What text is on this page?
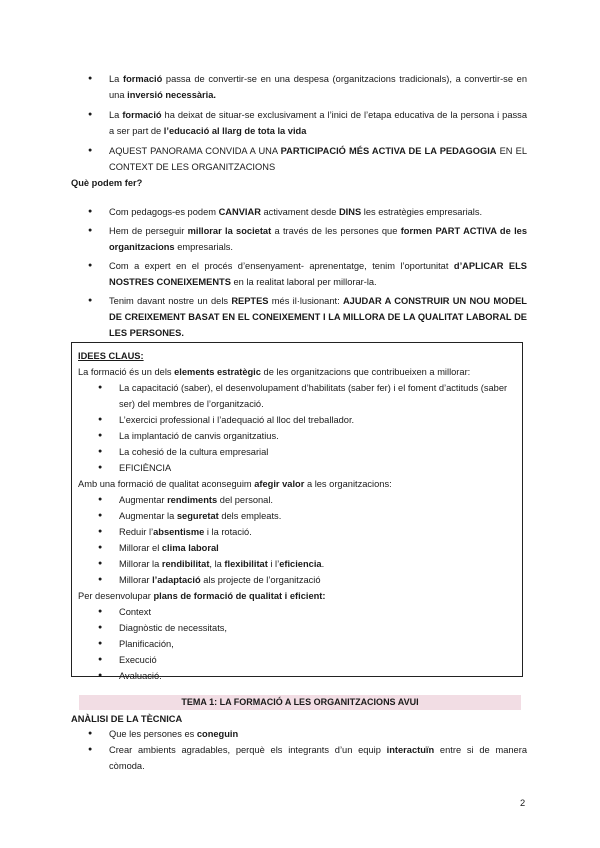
● La formació passa de convertir-se en una despesa (organitzacions tradicionals), a convertir-se en una inversió necessària.
● La formació ha deixat de situar-se exclusivament a l’inici de l’etapa educativa de la persona i passa a ser part de l’educació al llarg de tota la vida
● AQUEST PANORAMA CONVIDA A UNA PARTICIPACIÓ MÉS ACTIVA DE LA PEDAGOGIA EN EL CONTEXT DE LES ORGANITZACIONS
Què podem fer?
● Com pedagogs-es podem CANVIAR activament desde DINS les estratègies empresarials.
● Hem de perseguir millorar la societat a través de les persones que formen PART ACTIVA de les organitzacions empresarials.
● Com a expert en el procés d’ensenyament- aprenentatge, tenim l’oportunitat d’APLICAR ELS NOSTRES CONEIXEMENTS en la realitat laboral per millorar-la.
● Tenim davant nostre un dels REPTES més il·lusionant: AJUDAR A CONSTRUIR UN NOU MODEL DE CREIXEMENT BASAT EN EL CONEIXEMENT I LA MILLORA DE LA QUALITAT LABORAL DE LES PERSONES.
IDEES CLAUS:
La formació és un dels elements estratègic de les organitzacions que contribueixen a millorar:
● La capacitació (saber), el desenvolupament d’habilitats (saber fer) i el foment d’actituds (saber ser) del membres de l’organització.
● L’exercici professional i l’adequació al lloc del treballador.
● La implantació de canvis organitzatius.
● La cohesió de la cultura empresarial
● EFICIÈNCIA
Amb una formació de qualitat aconseguim afegir valor a les organitzacions:
● Augmentar rendiments del personal.
● Augmentar la seguretat dels empleats.
● Reduir l’absentisme i la rotació.
● Millorar el clima laboral
● Millorar la rendibilitat, la flexibilitat i l’eficiencia.
● Millorar l’adaptació als projecte de l’organització
Per desenvolupar plans de formació de qualitat i eficient:
● Context
● Diagnòstic de necessitats,
● Planificación,
● Execució
● Avaluació.
TEMA 1: LA FORMACIÓ A LES ORGANITZACIONS AVUI
ANÀLISI DE LA TÈCNICA
● Que les persones es coneguin
● Crear ambients agradables, perquè els integrants d’un equip interactuïn entre si de manera còmoda.
2
